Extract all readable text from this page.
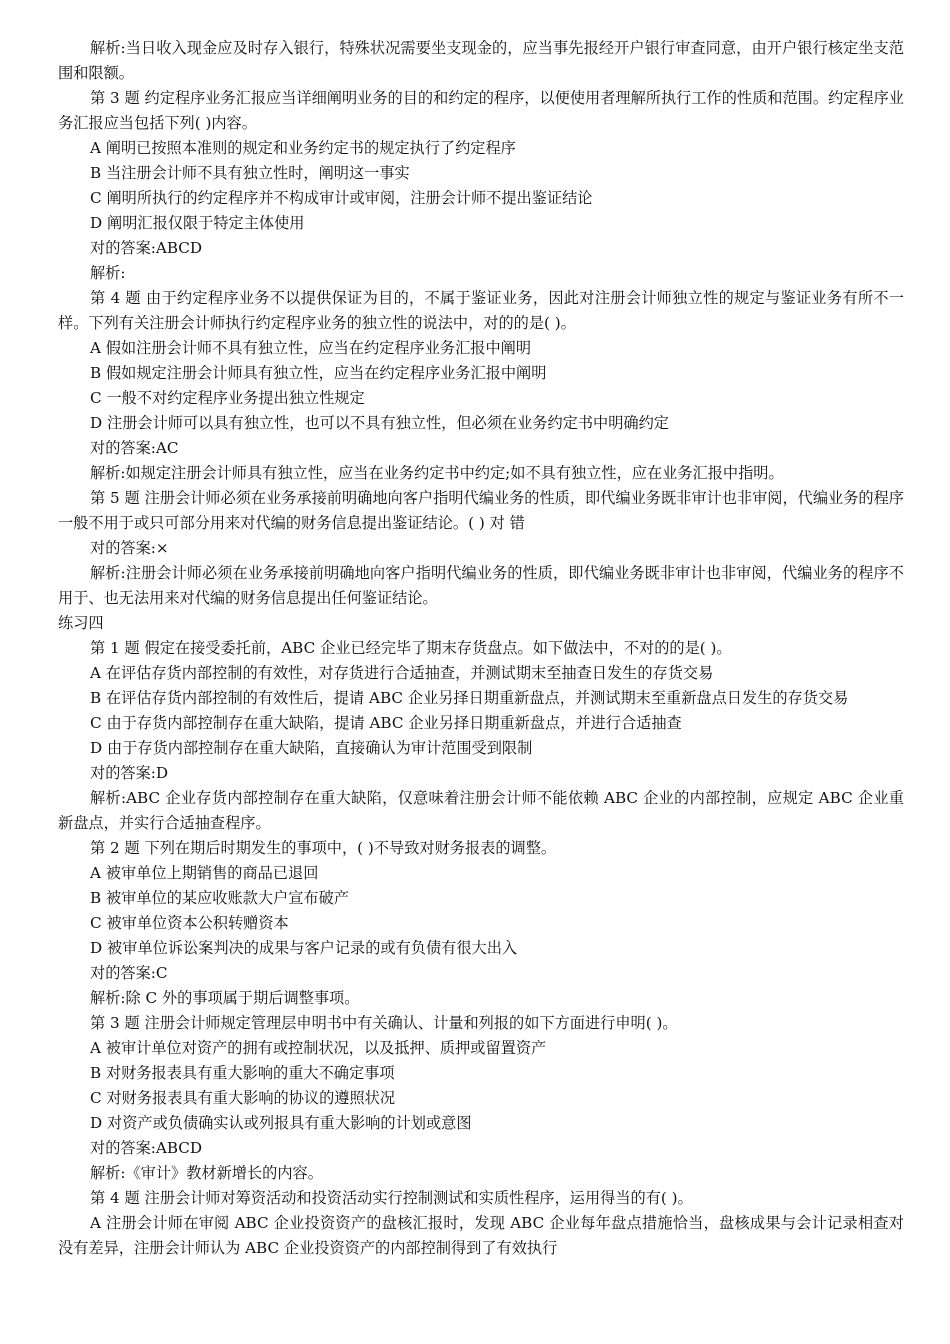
解析:当日收入现金应及时存入银行，特殊状况需要坐支现金的，应当事先报经开户银行审查同意，由开户银行核定坐支范围和限额。

第 3 题 约定程序业务汇报应当详细阐明业务的目的和约定的程序，以便使用者理解所执行工作的性质和范围。约定程序业务汇报应当包括下列( )内容。

A 阐明已按照本准则的规定和业务约定书的规定执行了约定程序

B 当注册会计师不具有独立性时，阐明这一事实

C 阐明所执行的约定程序并不构成审计或审阅，注册会计师不提出鉴证结论

D 阐明汇报仅限于特定主体使用

对的答案:ABCD

解析:

第 4 题 由于约定程序业务不以提供保证为目的，不属于鉴证业务，因此对注册会计师独立性的规定与鉴证业务有所不一样。下列有关注册会计师执行约定程序业务的独立性的说法中，对的的是( )。

A 假如注册会计师不具有独立性，应当在约定程序业务汇报中阐明

B 假如规定注册会计师具有独立性，应当在约定程序业务汇报中阐明

C 一般不对约定程序业务提出独立性规定

D 注册会计师可以具有独立性，也可以不具有独立性，但必须在业务约定书中明确约定

对的答案:AC

解析:如规定注册会计师具有独立性，应当在业务约定书中约定;如不具有独立性，应在业务汇报中指明。

第 5 题 注册会计师必须在业务承接前明确地向客户指明代编业务的性质，即代编业务既非审计也非审阅，代编业务的程序一般不用于或只可部分用来对代编的财务信息提出鉴证结论。( ) 对 错

对的答案:×

解析:注册会计师必须在业务承接前明确地向客户指明代编业务的性质，即代编业务既非审计也非审阅，代编业务的程序不用于、也无法用来对代编的财务信息提出任何鉴证结论。

练习四

第 1 题 假定在接受委托前，ABC 企业已经完毕了期末存货盘点。如下做法中，不对的的是( )。

A 在评估存货内部控制的有效性，对存货进行合适抽查，并测试期末至抽查日发生的存货交易

B 在评估存货内部控制的有效性后，提请 ABC 企业另择日期重新盘点，并测试期末至重新盘点日发生的存货交易

C 由于存货内部控制存在重大缺陷，提请 ABC 企业另择日期重新盘点，并进行合适抽查

D 由于存货内部控制存在重大缺陷，直接确认为审计范围受到限制

对的答案:D

解析:ABC 企业存货内部控制存在重大缺陷，仅意味着注册会计师不能依赖 ABC 企业的内部控制，应规定 ABC 企业重新盘点，并实行合适抽查程序。

第 2 题 下列在期后时期发生的事项中，( )不导致对财务报表的调整。

A 被审单位上期销售的商品已退回

B 被审单位的某应收账款大户宣布破产

C 被审单位资本公积转赠资本

D 被审单位诉讼案判决的成果与客户记录的或有负债有很大出入

对的答案:C

解析:除 C 外的事项属于期后调整事项。

第 3 题 注册会计师规定管理层申明书中有关确认、计量和列报的如下方面进行申明( )。

A 被审计单位对资产的拥有或控制状况，以及抵押、质押或留置资产

B 对财务报表具有重大影响的重大不确定事项

C 对财务报表具有重大影响的协议的遵照状况

D 对资产或负债确实认或列报具有重大影响的计划或意图

对的答案:ABCD

解析:《审计》教材新增长的内容。

第 4 题 注册会计师对筹资活动和投资活动实行控制测试和实质性程序，运用得当的有( )。

A 注册会计师在审阅 ABC 企业投资资产的盘核汇报时，发现 ABC 企业每年盘点措施恰当，盘核成果与会计记录相查对没有差异，注册会计师认为 ABC 企业投资资产的内部控制得到了有效执行
